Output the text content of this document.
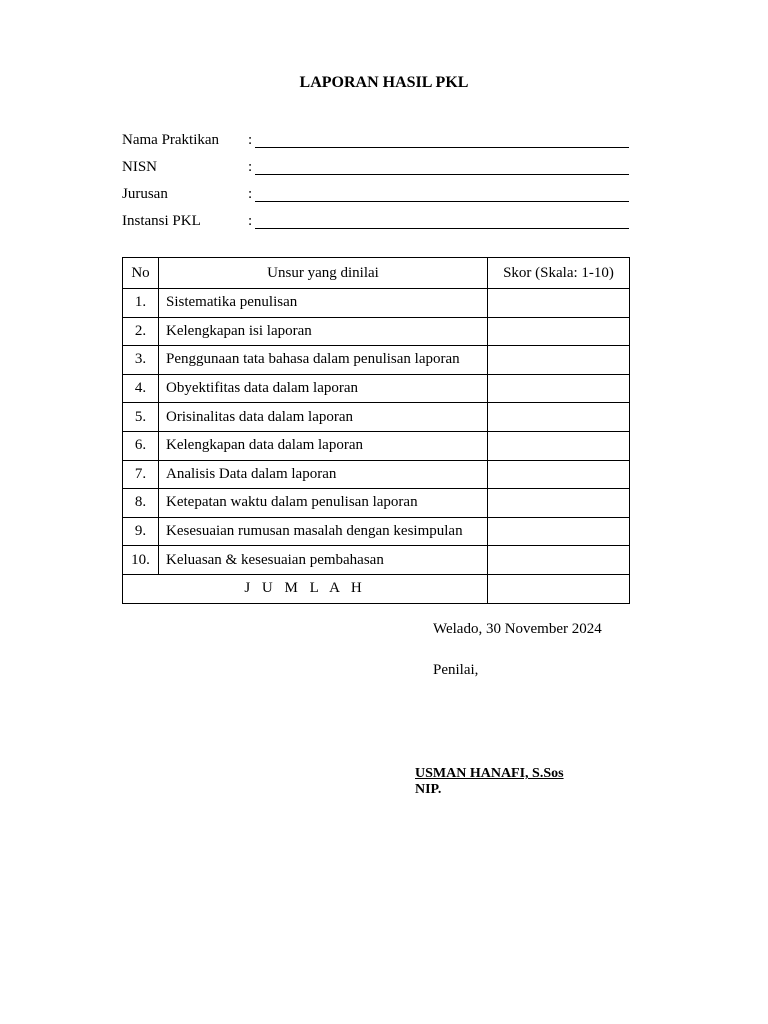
LAPORAN HASIL PKL
Nama Praktikan :
NISN	:
Jurusan	:
Instansi PKL	:
No	Unsur yang dinilai	Skor (Skala: 1-10)
1.	Sistematika penulisan	
2.	Kelengkapan isi laporan	
3.	Penggunaan tata bahasa dalam penulisan laporan	
4.	Obyektifitas data dalam laporan	
5.	Orisinalitas data dalam laporan	
6.	Kelengkapan data dalam laporan	
7.	Analisis Data dalam laporan	
8.	Ketepatan waktu dalam penulisan laporan	
9.	Kesesuaian rumusan masalah dengan kesimpulan	
10.	Keluasan & kesesuaian pembahasan	
J U M L A H		
Welado, 30 November 2024
Penilai,
USMAN HANAFI, S.Sos
NIP.
